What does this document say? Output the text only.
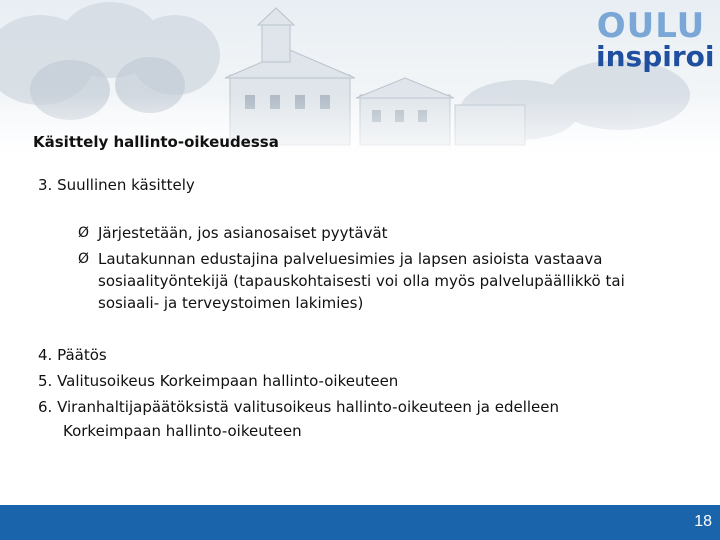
OULU
inspiroi
Käsittely hallinto-oikeudessa
3. Suullinen käsittely
Ø Järjestetään, jos asianosaiset pyytävät
Ø Lautakunnan edustajina palveluesimies ja lapsen asioista vastaava
sosiaalityöntekijä (tapauskohtaisesti voi olla myös palvelupäällikkö tai
sosiaali- ja terveystoimen lakimies)
4. Päätös
5. Valitusoikeus Korkeimpaan hallinto-oikeuteen
6. Viranhaltijapäätöksistä valitusoikeus hallinto-oikeuteen ja edelleen
Korkeimpaan hallinto-oikeuteen
18
